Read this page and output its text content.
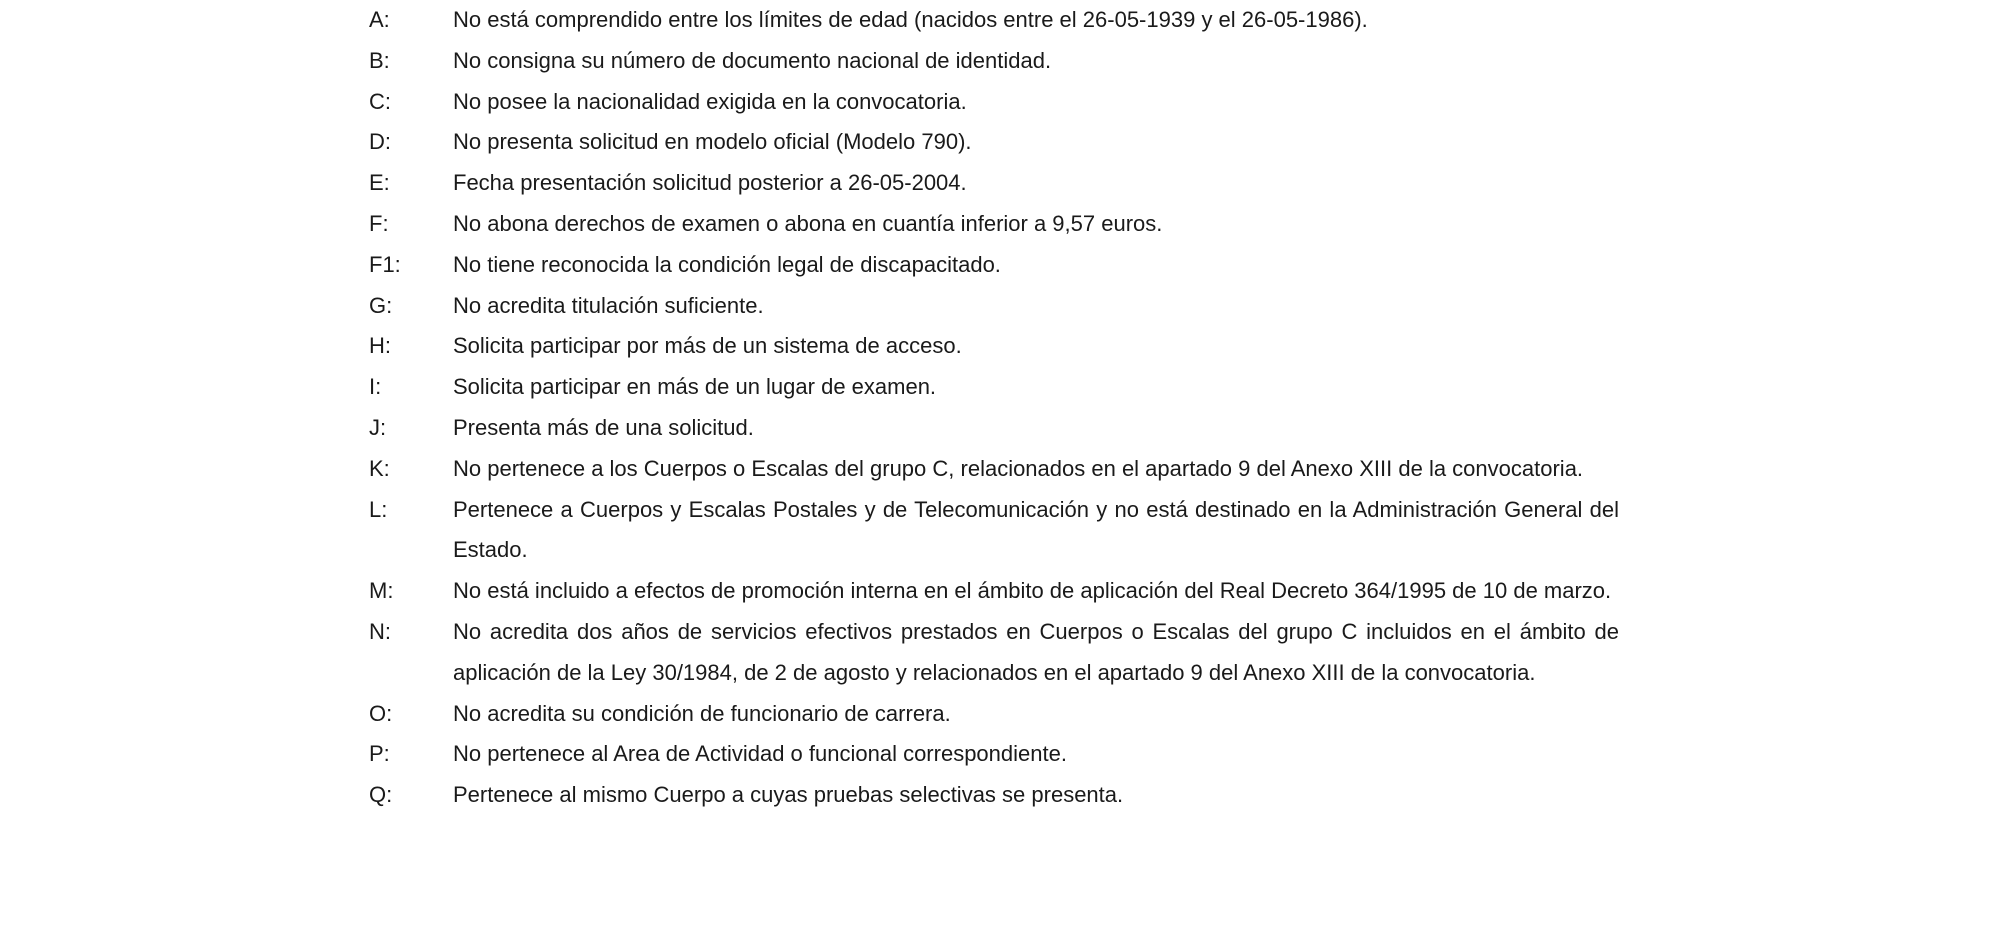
A:	No está comprendido entre los límites de edad (nacidos entre el 26-05-1939 y el 26-05-1986).
B:	No consigna su número de documento nacional de identidad.
C:	No posee la nacionalidad exigida en la convocatoria.
D:	No presenta solicitud en modelo oficial (Modelo 790).
E:	Fecha presentación solicitud posterior a 26-05-2004.
F:	No abona derechos de examen o abona en cuantía inferior a 9,57 euros.
F1:	No tiene reconocida la condición legal de discapacitado.
G:	No acredita titulación suficiente.
H:	Solicita participar por más de un sistema de acceso.
I:	Solicita participar en más de un lugar de examen.
J:	Presenta más de una solicitud.
K:	No pertenece a los Cuerpos o Escalas del grupo C, relacionados en el apartado 9 del Anexo XIII de la convocatoria.
L:	Pertenece a Cuerpos y Escalas Postales y de Telecomunicación y no está destinado en la Administración General del Estado.
M:	No está incluido a efectos de promoción interna en el ámbito de aplicación del Real Decreto 364/1995 de 10 de marzo.
N:	No acredita dos años de servicios efectivos prestados en Cuerpos o Escalas del grupo C incluidos en el ámbito de aplicación de la Ley 30/1984, de 2 de agosto y relacionados en el apartado 9 del Anexo XIII de la convocatoria.
O:	No acredita su condición de funcionario de carrera.
P:	No pertenece al Area de Actividad o funcional correspondiente.
Q:	Pertenece al mismo Cuerpo a cuyas pruebas selectivas se presenta.
